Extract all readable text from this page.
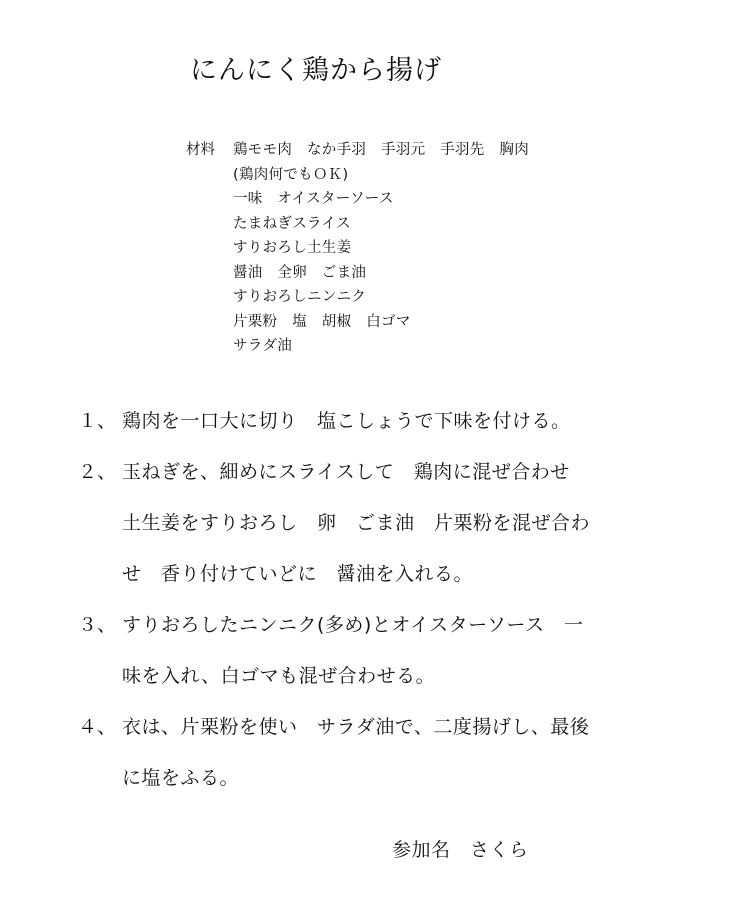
にんにく鶏から揚げ
材料 鶏モモ肉　なか手羽　手羽元　手羽先　胸肉
(鶏肉何でもＯＫ)
一味　オイスターソース
たまねぎスライス
すりおろし土生姜
醤油　全卵　ごま油
すりおろしニンニク
片栗粉　塩　胡椒　白ゴマ
サラダ油
１、 鶏肉を一口大に切り　塩こしょうで下味を付ける。
２、 玉ねぎを、細めにスライスして　鶏肉に混ぜ合わせ
土生姜をすりおろし　卵　ごま油　片栗粉を混ぜ合わ
せ　香り付けていどに　醤油を入れる。
３、 すりおろしたニンニク(多め)とオイスターソース　一
味を入れ、白ゴマも混ぜ合わせる。
４、 衣は、片栗粉を使い　サラダ油で、二度揚げし、最後
に塩をふる。
参加名　さくら
